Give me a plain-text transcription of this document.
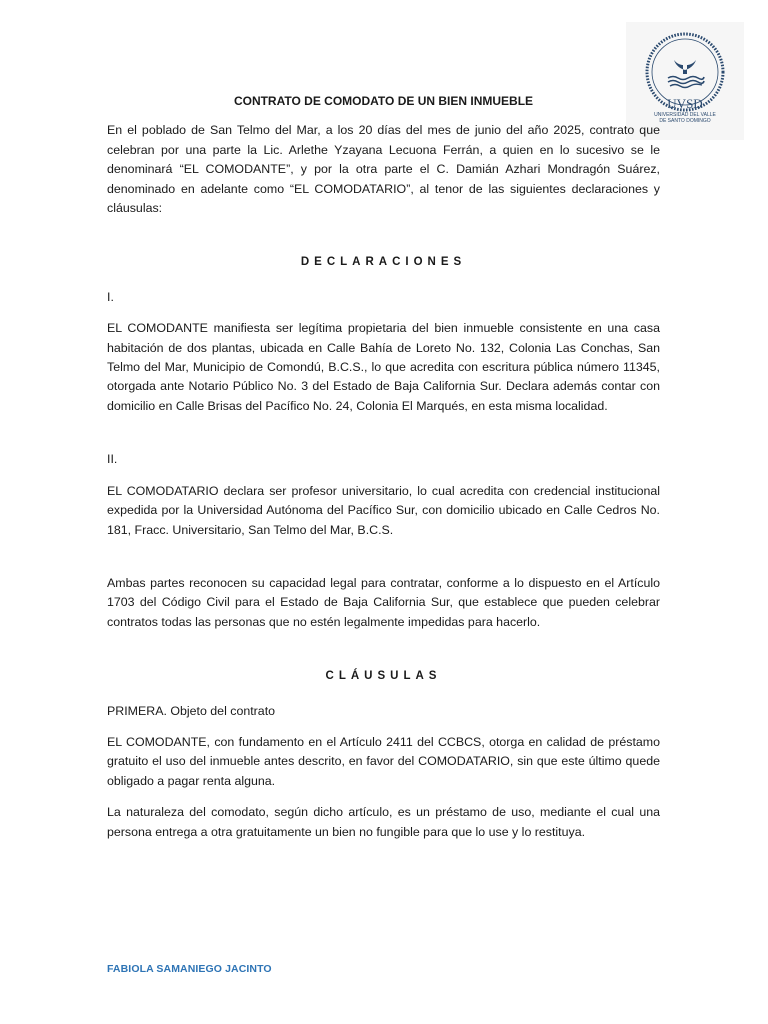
UVSD
UNIVERSIDAD DEL VALLE
DE SANTO DOMINGO
CONTRATO DE COMODATO DE UN BIEN INMUEBLE

En el poblado de San Telmo del Mar, a los 20 días del mes de junio del año 2025, contrato que celebran por una parte la Lic. Arlethe Yzayana Lecuona Ferrán, a quien en lo sucesivo se le denominará “EL COMODANTE”, y por la otra parte el C. Damián Azhari Mondragón Suárez, denominado en adelante como “EL COMODATARIO”, al tenor de las siguientes declaraciones y cláusulas:

DECLARACIONES

I.

EL COMODANTE manifiesta ser legítima propietaria del bien inmueble consistente en una casa habitación de dos plantas, ubicada en Calle Bahía de Loreto No. 132, Colonia Las Conchas, San Telmo del Mar, Municipio de Comondú, B.C.S., lo que acredita con escritura pública número 11345, otorgada ante Notario Público No. 3 del Estado de Baja California Sur. Declara además contar con domicilio en Calle Brisas del Pacífico No. 24, Colonia El Marqués, en esta misma localidad.

II.

EL COMODATARIO declara ser profesor universitario, lo cual acredita con credencial institucional expedida por la Universidad Autónoma del Pacífico Sur, con domicilio ubicado en Calle Cedros No. 181, Fracc. Universitario, San Telmo del Mar, B.C.S.

Ambas partes reconocen su capacidad legal para contratar, conforme a lo dispuesto en el Artículo 1703 del Código Civil para el Estado de Baja California Sur, que establece que pueden celebrar contratos todas las personas que no estén legalmente impedidas para hacerlo.

CLÁUSULAS

PRIMERA. Objeto del contrato

EL COMODANTE, con fundamento en el Artículo 2411 del CCBCS, otorga en calidad de préstamo gratuito el uso del inmueble antes descrito, en favor del COMODATARIO, sin que este último quede obligado a pagar renta alguna.

La naturaleza del comodato, según dicho artículo, es un préstamo de uso, mediante el cual una persona entrega a otra gratuitamente un bien no fungible para que lo use y lo restituya.

FABIOLA SAMANIEGO JACINTO
